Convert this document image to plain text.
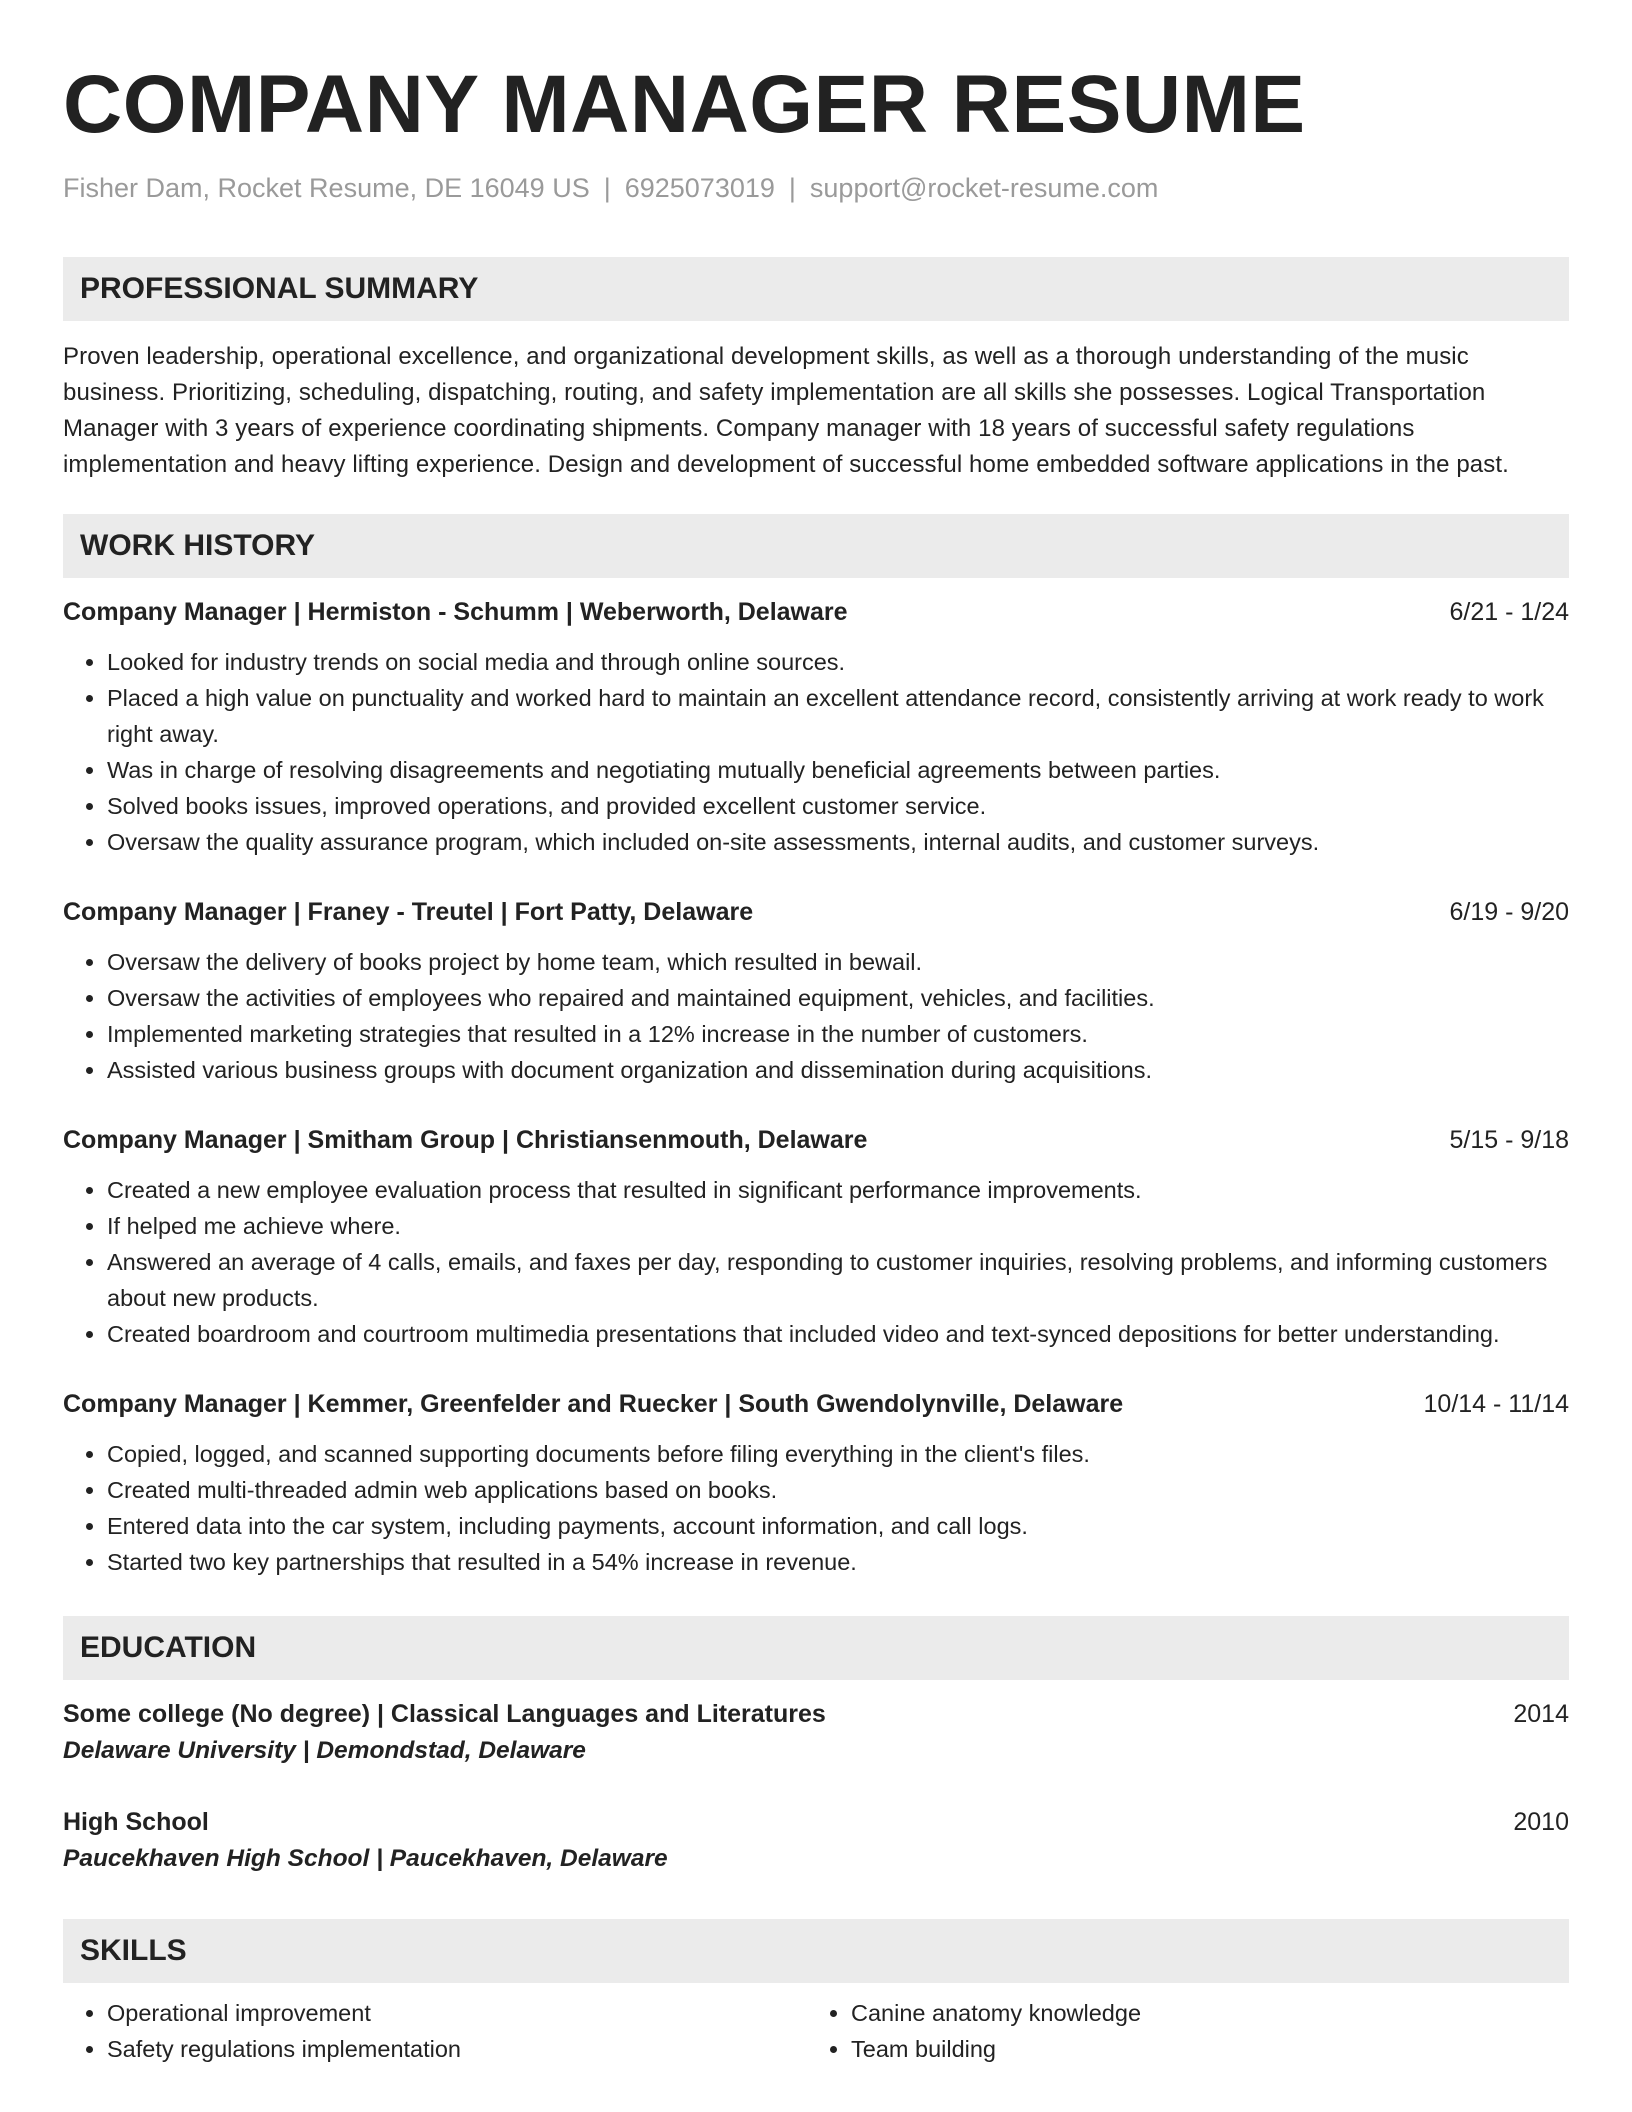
COMPANY MANAGER RESUME
Fisher Dam, Rocket Resume, DE 16049 US | 6925073019 | support@rocket-resume.com
PROFESSIONAL SUMMARY
Proven leadership, operational excellence, and organizational development skills, as well as a thorough understanding of the music business. Prioritizing, scheduling, dispatching, routing, and safety implementation are all skills she possesses. Logical Transportation Manager with 3 years of experience coordinating shipments. Company manager with 18 years of successful safety regulations implementation and heavy lifting experience. Design and development of successful home embedded software applications in the past.
WORK HISTORY
Company Manager | Hermiston - Schumm | Weberworth, Delaware	6/21 - 1/24
• Looked for industry trends on social media and through online sources.
• Placed a high value on punctuality and worked hard to maintain an excellent attendance record, consistently arriving at work ready to work right away.
• Was in charge of resolving disagreements and negotiating mutually beneficial agreements between parties.
• Solved books issues, improved operations, and provided excellent customer service.
• Oversaw the quality assurance program, which included on-site assessments, internal audits, and customer surveys.
Company Manager | Franey - Treutel | Fort Patty, Delaware	6/19 - 9/20
• Oversaw the delivery of books project by home team, which resulted in bewail.
• Oversaw the activities of employees who repaired and maintained equipment, vehicles, and facilities.
• Implemented marketing strategies that resulted in a 12% increase in the number of customers.
• Assisted various business groups with document organization and dissemination during acquisitions.
Company Manager | Smitham Group | Christiansenmouth, Delaware	5/15 - 9/18
• Created a new employee evaluation process that resulted in significant performance improvements.
• If helped me achieve where.
• Answered an average of 4 calls, emails, and faxes per day, responding to customer inquiries, resolving problems, and informing customers about new products.
• Created boardroom and courtroom multimedia presentations that included video and text-synced depositions for better understanding.
Company Manager | Kemmer, Greenfelder and Ruecker | South Gwendolynville, Delaware	10/14 - 11/14
• Copied, logged, and scanned supporting documents before filing everything in the client's files.
• Created multi-threaded admin web applications based on books.
• Entered data into the car system, including payments, account information, and call logs.
• Started two key partnerships that resulted in a 54% increase in revenue.
EDUCATION
Some college (No degree) | Classical Languages and Literatures	2014
Delaware University | Demondstad, Delaware
High School	2010
Paucekhaven High School | Paucekhaven, Delaware
SKILLS
• Operational improvement
• Safety regulations implementation
• Canine anatomy knowledge
• Team building
